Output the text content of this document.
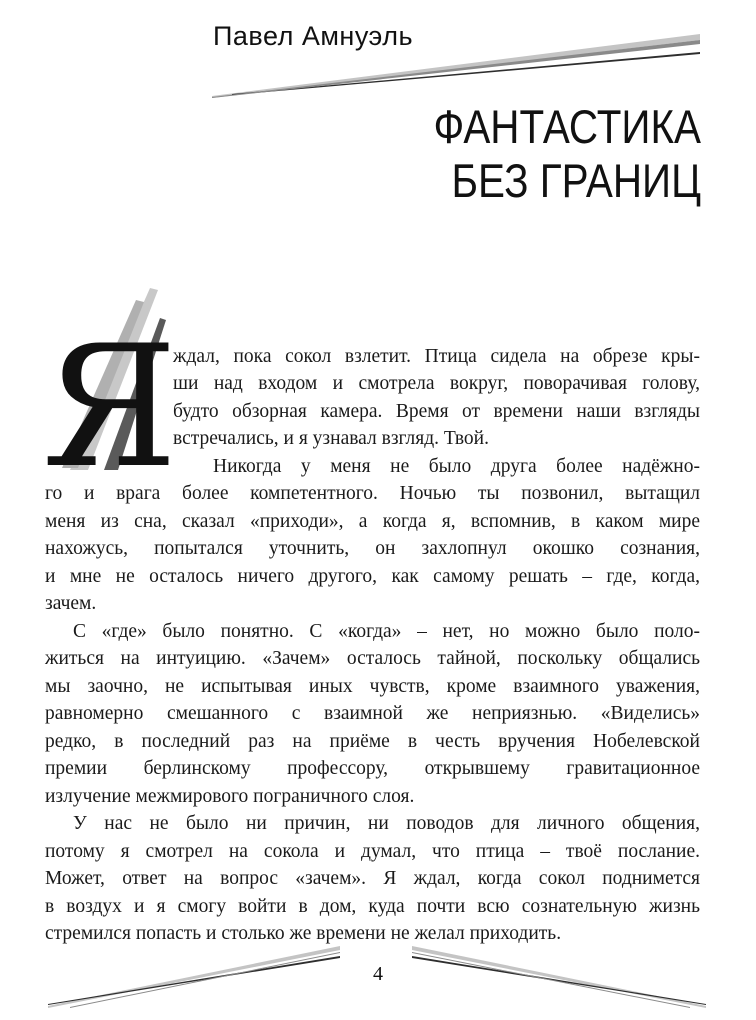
Павел Амнуэль
ФАНТАСТИКА
БЕЗ ГРАНИЦ
Я
ждал, пока сокол взлетит. Птица сидела на обрезе кры-
ши над входом и смотрела вокруг, поворачивая голову,
будто обзорная камера. Время от времени наши взгляды
встречались, и я узнавал взгляд. Твой.
Никогда у меня не было друга более надёжно-
го и врага более компетентного. Ночью ты позвонил, вытащил
меня из сна, сказал «приходи», а когда я, вспомнив, в каком мире
нахожусь, попытался уточнить, он захлопнул окошко сознания,
и мне не осталось ничего другого, как самому решать – где, когда,
зачем.
С «где» было понятно. С «когда» – нет, но можно было поло-
житься на интуицию. «Зачем» осталось тайной, поскольку общались
мы заочно, не испытывая иных чувств, кроме взаимного уважения,
равномерно смешанного с взаимной же неприязнью. «Виделись»
редко, в последний раз на приёме в честь вручения Нобелевской
премии берлинскому профессору, открывшему гравитационное
излучение межмирового пограничного слоя.
У нас не было ни причин, ни поводов для личного общения,
потому я смотрел на сокола и думал, что птица – твоё послание.
Может, ответ на вопрос «зачем». Я ждал, когда сокол поднимется
в воздух и я смогу войти в дом, куда почти всю сознательную жизнь
стремился попасть и столько же времени не желал приходить.
4
